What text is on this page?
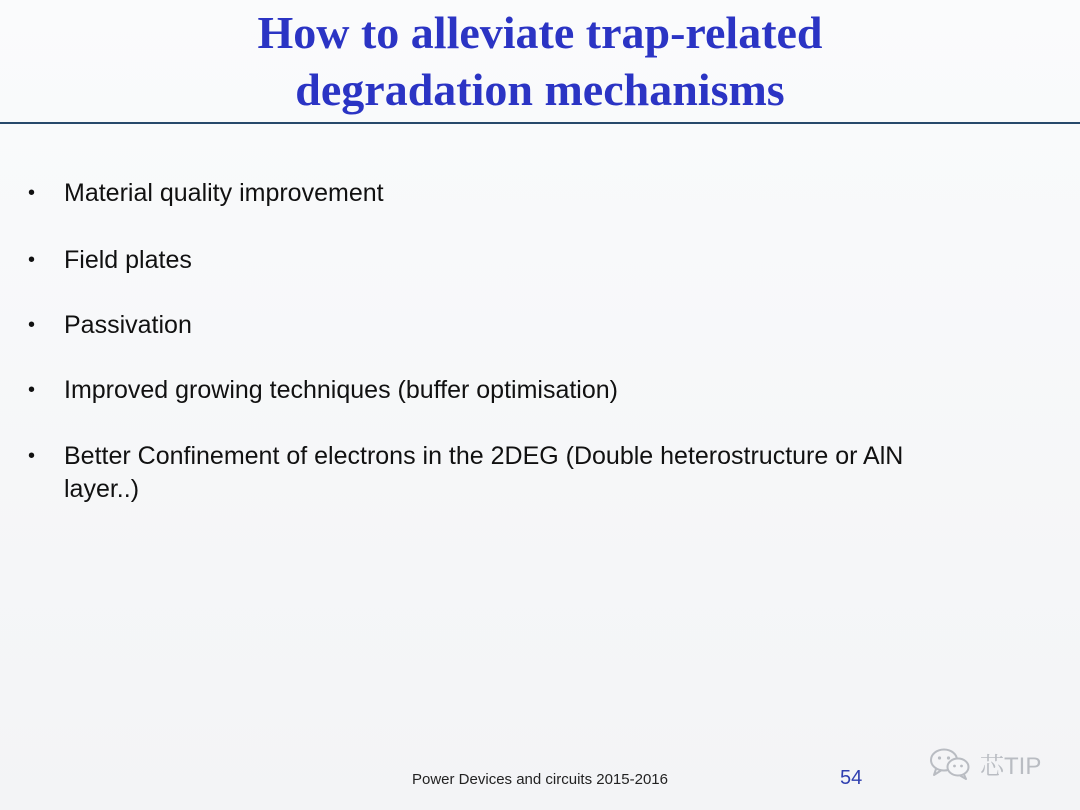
How to alleviate trap-related
degradation mechanisms
•	Material quality improvement
•	Field plates
•	Passivation
•	Improved growing techniques (buffer optimisation)
•	Better Confinement of electrons in the 2DEG (Double heterostructure or AlN layer..)
Power Devices and circuits 2015-2016	54	芯TIP
